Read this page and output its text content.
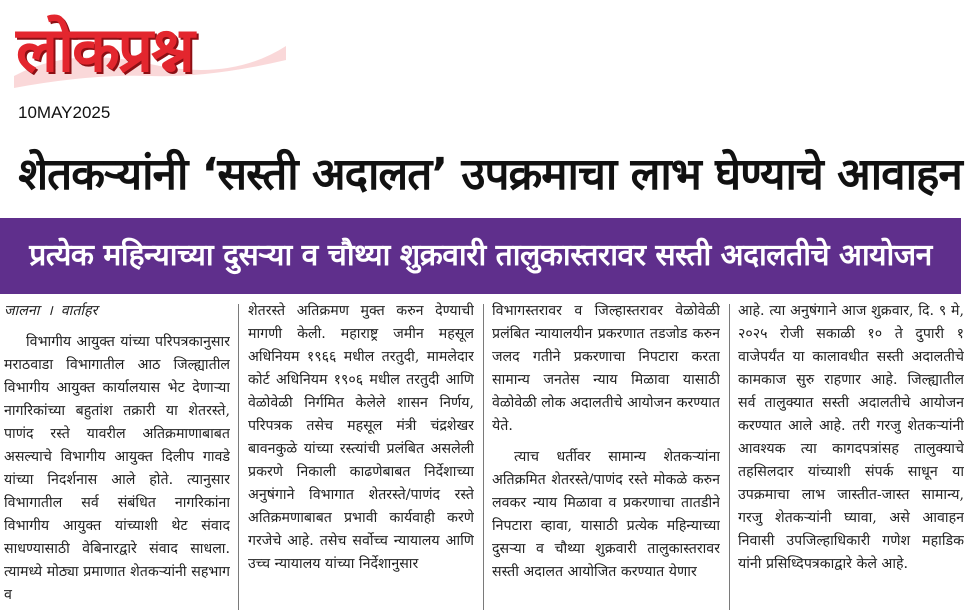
लोकप्रश्न
10MAY2025
शेतकऱ्यांनी ‘सस्ती अदालत’ उपक्रमाचा लाभ घेण्याचे आवाहन
प्रत्येक महिन्याच्या दुसऱ्या व चौथ्या शुक्रवारी तालुकास्तरावर सस्ती अदालतीचे आयोजन

जालना । वार्ताहर

विभागीय आयुक्त यांच्या परिपत्रकानुसार मराठवाडा विभागातील आठ जिल्ह्यातील विभागीय आयुक्त कार्यालयास भेट देणाऱ्या नागरिकांच्या बहुतांश तक्रारी या शेतरस्ते, पाणंद रस्ते यावरील अतिक्रमाणाबाबत असल्याचे विभागीय आयुक्त दिलीप गावडे यांच्या निदर्शनास आले होते. त्यानुसार विभागातील सर्व संबंधित नागरिकांना विभागीय आयुक्त यांच्याशी थेट संवाद साधण्यासाठी वेबिनारद्वारे संवाद साधला. त्यामध्ये मोठ्या प्रमाणात शेतकऱ्यांनी सहभाग व

शेतरस्ते अतिक्रमण मुक्त करुन देण्याची मागणी केली. महाराष्ट्र जमीन महसूल अधिनियम १९६६ मधील तरतुदी, मामलेदार कोर्ट अधिनियम १९०६ मधील तरतुदी आणि वेळोवेळी निर्गमित केलेले शासन निर्णय, परिपत्रक तसेच महसूल मंत्री चंद्रशेखर बावनकुळे यांच्या रस्त्यांची प्रलंबित असलेली प्रकरणे निकाली काढणेबाबत निर्देशाच्या अनुषंगाने विभागात शेतरस्ते/पाणंद रस्ते अतिक्रमणाबाबत प्रभावी कार्यवाही करणे गरजेचे आहे. तसेच सर्वोच्च न्यायालय आणि उच्च न्यायालय यांच्या निर्देशानुसार

विभागस्तरावर व जिल्हास्तरावर वेळोवेळी प्रलंबित न्यायालयीन प्रकरणात तडजोड करुन जलद गतीने प्रकरणाचा निपटारा करता सामान्य जनतेस न्याय मिळावा यासाठी वेळोवेळी लोक अदालतीचे आयोजन करण्यात येते.

त्याच धर्तीवर सामान्य शेतकऱ्यांना अतिक्रमित शेतरस्ते/पाणंद रस्ते मोकळे करुन लवकर न्याय मिळावा व प्रकरणाचा तातडीने निपटारा व्हावा, यासाठी प्रत्येक महिन्याच्या दुसऱ्या व चौथ्या शुक्रवारी तालुकास्तरावर सस्ती अदालत आयोजित करण्यात येणार

आहे. त्या अनुषंगाने आज शुक्रवार, दि. ९ मे, २०२५ रोजी सकाळी १० ते दुपारी १ वाजेपर्यंत या कालावधीत सस्ती अदालतीचे कामकाज सुरु राहणार आहे. जिल्ह्यातील सर्व तालुक्यात सस्ती अदालतीचे आयोजन करण्यात आले आहे. तरी गरजु शेतकऱ्यांनी आवश्यक त्या कागदपत्रांसह तालुक्याचे तहसिलदार यांच्याशी संपर्क साधून या उपक्रमाचा लाभ जास्तीत-जास्त सामान्य, गरजु शेतकऱ्यांनी घ्यावा, असे आवाहन निवासी उपजिल्हाधिकारी गणेश महाडिक यांनी प्रसिध्दिपत्रकाद्वारे केले आहे.
